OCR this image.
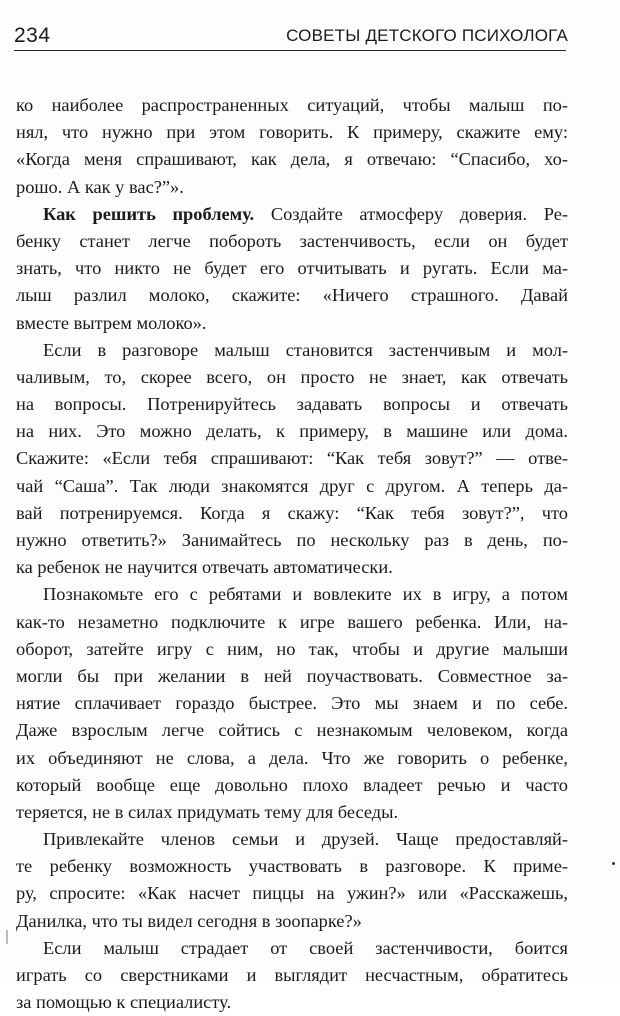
234	СОВЕТЫ ДЕТСКОГО ПСИХОЛОГА
ко наиболее распространенных ситуаций, чтобы малыш по-
нял, что нужно при этом говорить. К примеру, скажите ему:
«Когда меня спрашивают, как дела, я отвечаю: “Спасибо, хо-
рошо. А как у вас?”».
Как решить проблему. Создайте атмосферу доверия. Ре-
бенку станет легче побороть застенчивость, если он будет
знать, что никто не будет его отчитывать и ругать. Если ма-
лыш разлил молоко, скажите: «Ничего страшного. Давай
вместе вытрем молоко».
Если в разговоре малыш становится застенчивым и мол-
чаливым, то, скорее всего, он просто не знает, как отвечать
на вопросы. Потренируйтесь задавать вопросы и отвечать
на них. Это можно делать, к примеру, в машине или дома.
Скажите: «Если тебя спрашивают: “Как тебя зовут?” — отве-
чай “Саша”. Так люди знакомятся друг с другом. А теперь да-
вай потренируемся. Когда я скажу: “Как тебя зовут?”, что
нужно ответить?» Занимайтесь по нескольку раз в день, по-
ка ребенок не научится отвечать автоматически.
Познакомьте его с ребятами и вовлеките их в игру, а потом
как-то незаметно подключите к игре вашего ребенка. Или, на-
оборот, затейте игру с ним, но так, чтобы и другие малыши
могли бы при желании в ней поучаствовать. Совместное за-
нятие сплачивает гораздо быстрее. Это мы знаем и по себе.
Даже взрослым легче сойтись с незнакомым человеком, когда
их объединяют не слова, а дела. Что же говорить о ребенке,
который вообще еще довольно плохо владеет речью и часто
теряется, не в силах придумать тему для беседы.
Привлекайте членов семьи и друзей. Чаще предоставляй-
те ребенку возможность участвовать в разговоре. К приме-
ру, спросите: «Как насчет пиццы на ужин?» или «Расскажешь,
Данилка, что ты видел сегодня в зоопарке?»
Если малыш страдает от своей застенчивости, боится
играть со сверстниками и выглядит несчастным, обратитесь
за помощью к специалисту.
